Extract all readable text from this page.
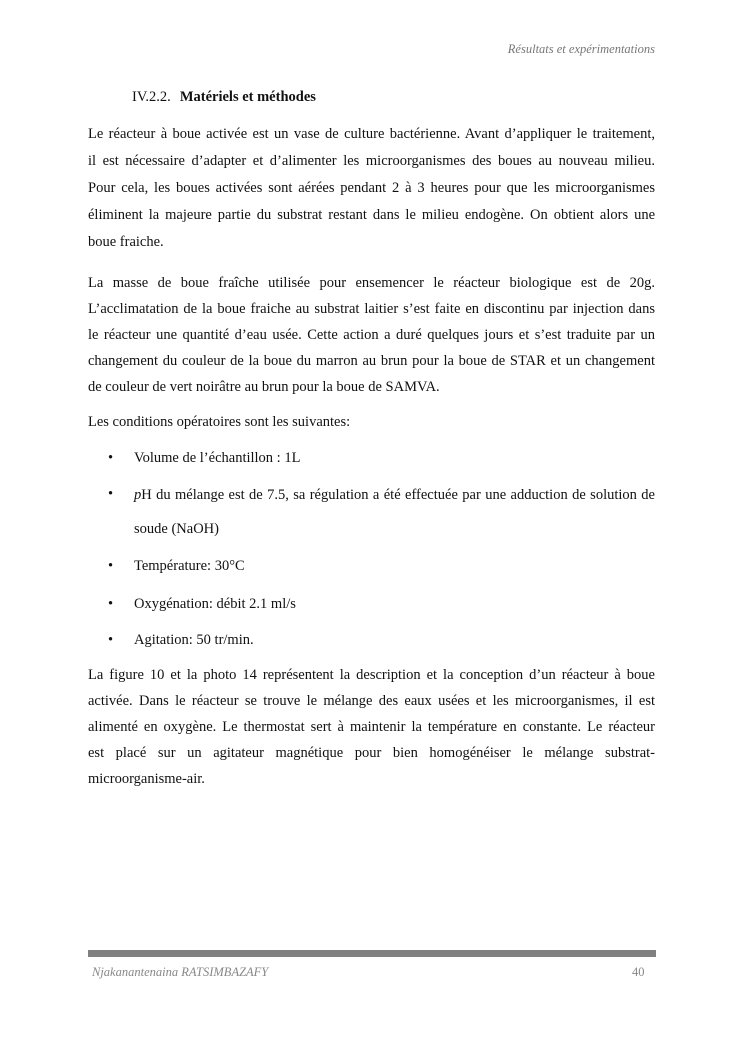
Résultats et expérimentations
IV.2.2. Matériels et méthodes
Le réacteur à boue activée est un vase de culture bactérienne. Avant d’appliquer le traitement,
il est nécessaire d’adapter et d’alimenter les microorganismes des boues au nouveau milieu.
Pour cela, les boues activées sont aérées pendant 2 à 3 heures pour que les microorganismes
éliminent la majeure partie du substrat restant dans le milieu endogène. On obtient alors une
boue fraiche.
La masse de boue fraîche utilisée pour ensemencer le réacteur biologique est de 20g.
L’acclimatation de la boue fraiche au substrat laitier s’est faite en discontinu par injection dans
le réacteur une quantité d’eau usée. Cette action a duré quelques jours et s’est traduite par un
changement du couleur de la boue du marron au brun pour la boue de STAR et un changement
de couleur de vert noirâtre au brun pour la boue de SAMVA.
Les conditions opératoires sont les suivantes:
• Volume de l’échantillon : 1L
• pH du mélange est de 7.5, sa régulation a été effectuée par une adduction de solution de
soude (NaOH)
• Température: 30°C
• Oxygénation: débit 2.1 ml/s
• Agitation: 50 tr/min.
La figure 10 et la photo 14 représentent la description et la conception d’un réacteur à boue
activée. Dans le réacteur se trouve le mélange des eaux usées et les microorganismes, il est
alimenté en oxygène. Le thermostat sert à maintenir la température en constante. Le réacteur
est placé sur un agitateur magnétique pour bien homogénéiser le mélange substrat-
microorganisme-air.
Njakanantenaina RATSIMBAZAFY	40
